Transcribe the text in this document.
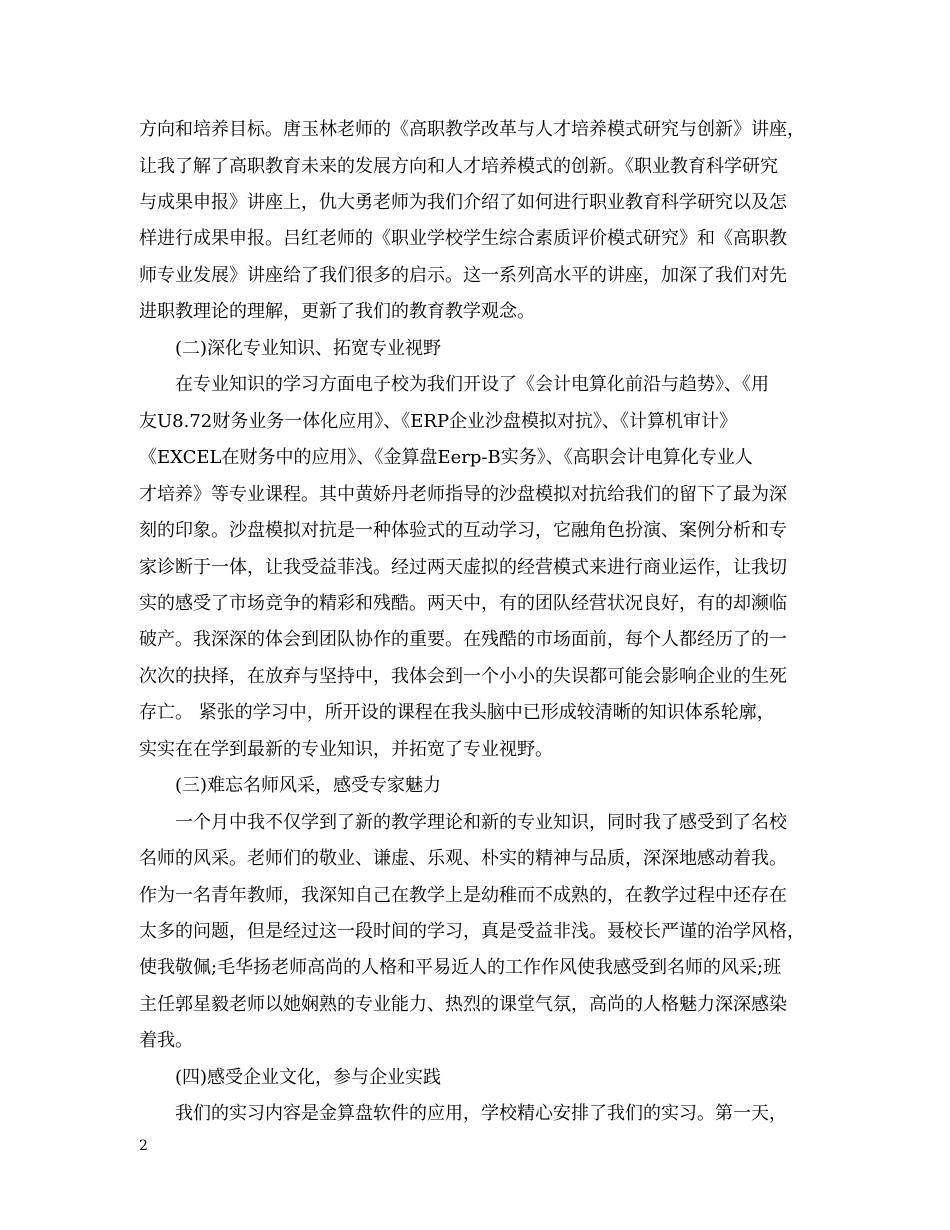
方向和培养目标。唐玉林老师的《高职教学改革与人才培养模式研究与创新》讲座，
让我了解了高职教育未来的发展方向和人才培养模式的创新。《职业教育科学研究
与成果申报》讲座上，仇大勇老师为我们介绍了如何进行职业教育科学研究以及怎
样进行成果申报。吕红老师的《职业学校学生综合素质评价模式研究》和《高职教
师专业发展》讲座给了我们很多的启示。这一系列高水平的讲座，加深了我们对先
进职教理论的理解，更新了我们的教育教学观念。
　　(二)深化专业知识、拓宽专业视野
　　在专业知识的学习方面电子校为我们开设了《会计电算化前沿与趋势》、《用
友U8.72财务业务一体化应用》、《ERP企业沙盘模拟对抗》、《计算机审计》
《EXCEL在财务中的应用》、《金算盘Eerp-B实务》、《高职会计电算化专业人
才培养》等专业课程。其中黄娇丹老师指导的沙盘模拟对抗给我们的留下了最为深
刻的印象。沙盘模拟对抗是一种体验式的互动学习，它融角色扮演、案例分析和专
家诊断于一体，让我受益菲浅。经过两天虚拟的经营模式来进行商业运作，让我切
实的感受了市场竞争的精彩和残酷。两天中，有的团队经营状况良好，有的却濒临
破产。我深深的体会到团队协作的重要。在残酷的市场面前，每个人都经历了的一
次次的抉择，在放弃与坚持中，我体会到一个小小的失误都可能会影响企业的生死
存亡。 紧张的学习中，所开设的课程在我头脑中已形成较清晰的知识体系轮廓，
实实在在学到最新的专业知识，并拓宽了专业视野。
　　(三)难忘名师风采，感受专家魅力
　　一个月中我不仅学到了新的教学理论和新的专业知识，同时我了感受到了名校
名师的风采。老师们的敬业、谦虚、乐观、朴实的精神与品质，深深地感动着我。
作为一名青年教师，我深知自己在教学上是幼稚而不成熟的，在教学过程中还存在
太多的问题，但是经过这一段时间的学习，真是受益非浅。聂校长严谨的治学风格，
使我敬佩;毛华扬老师高尚的人格和平易近人的工作作风使我感受到名师的风采;班
主任郭星毅老师以她娴熟的专业能力、热烈的课堂气氛，高尚的人格魅力深深感染
着我。
　　(四)感受企业文化，参与企业实践
　　我们的实习内容是金算盘软件的应用，学校精心安排了我们的实习。第一天，
2
